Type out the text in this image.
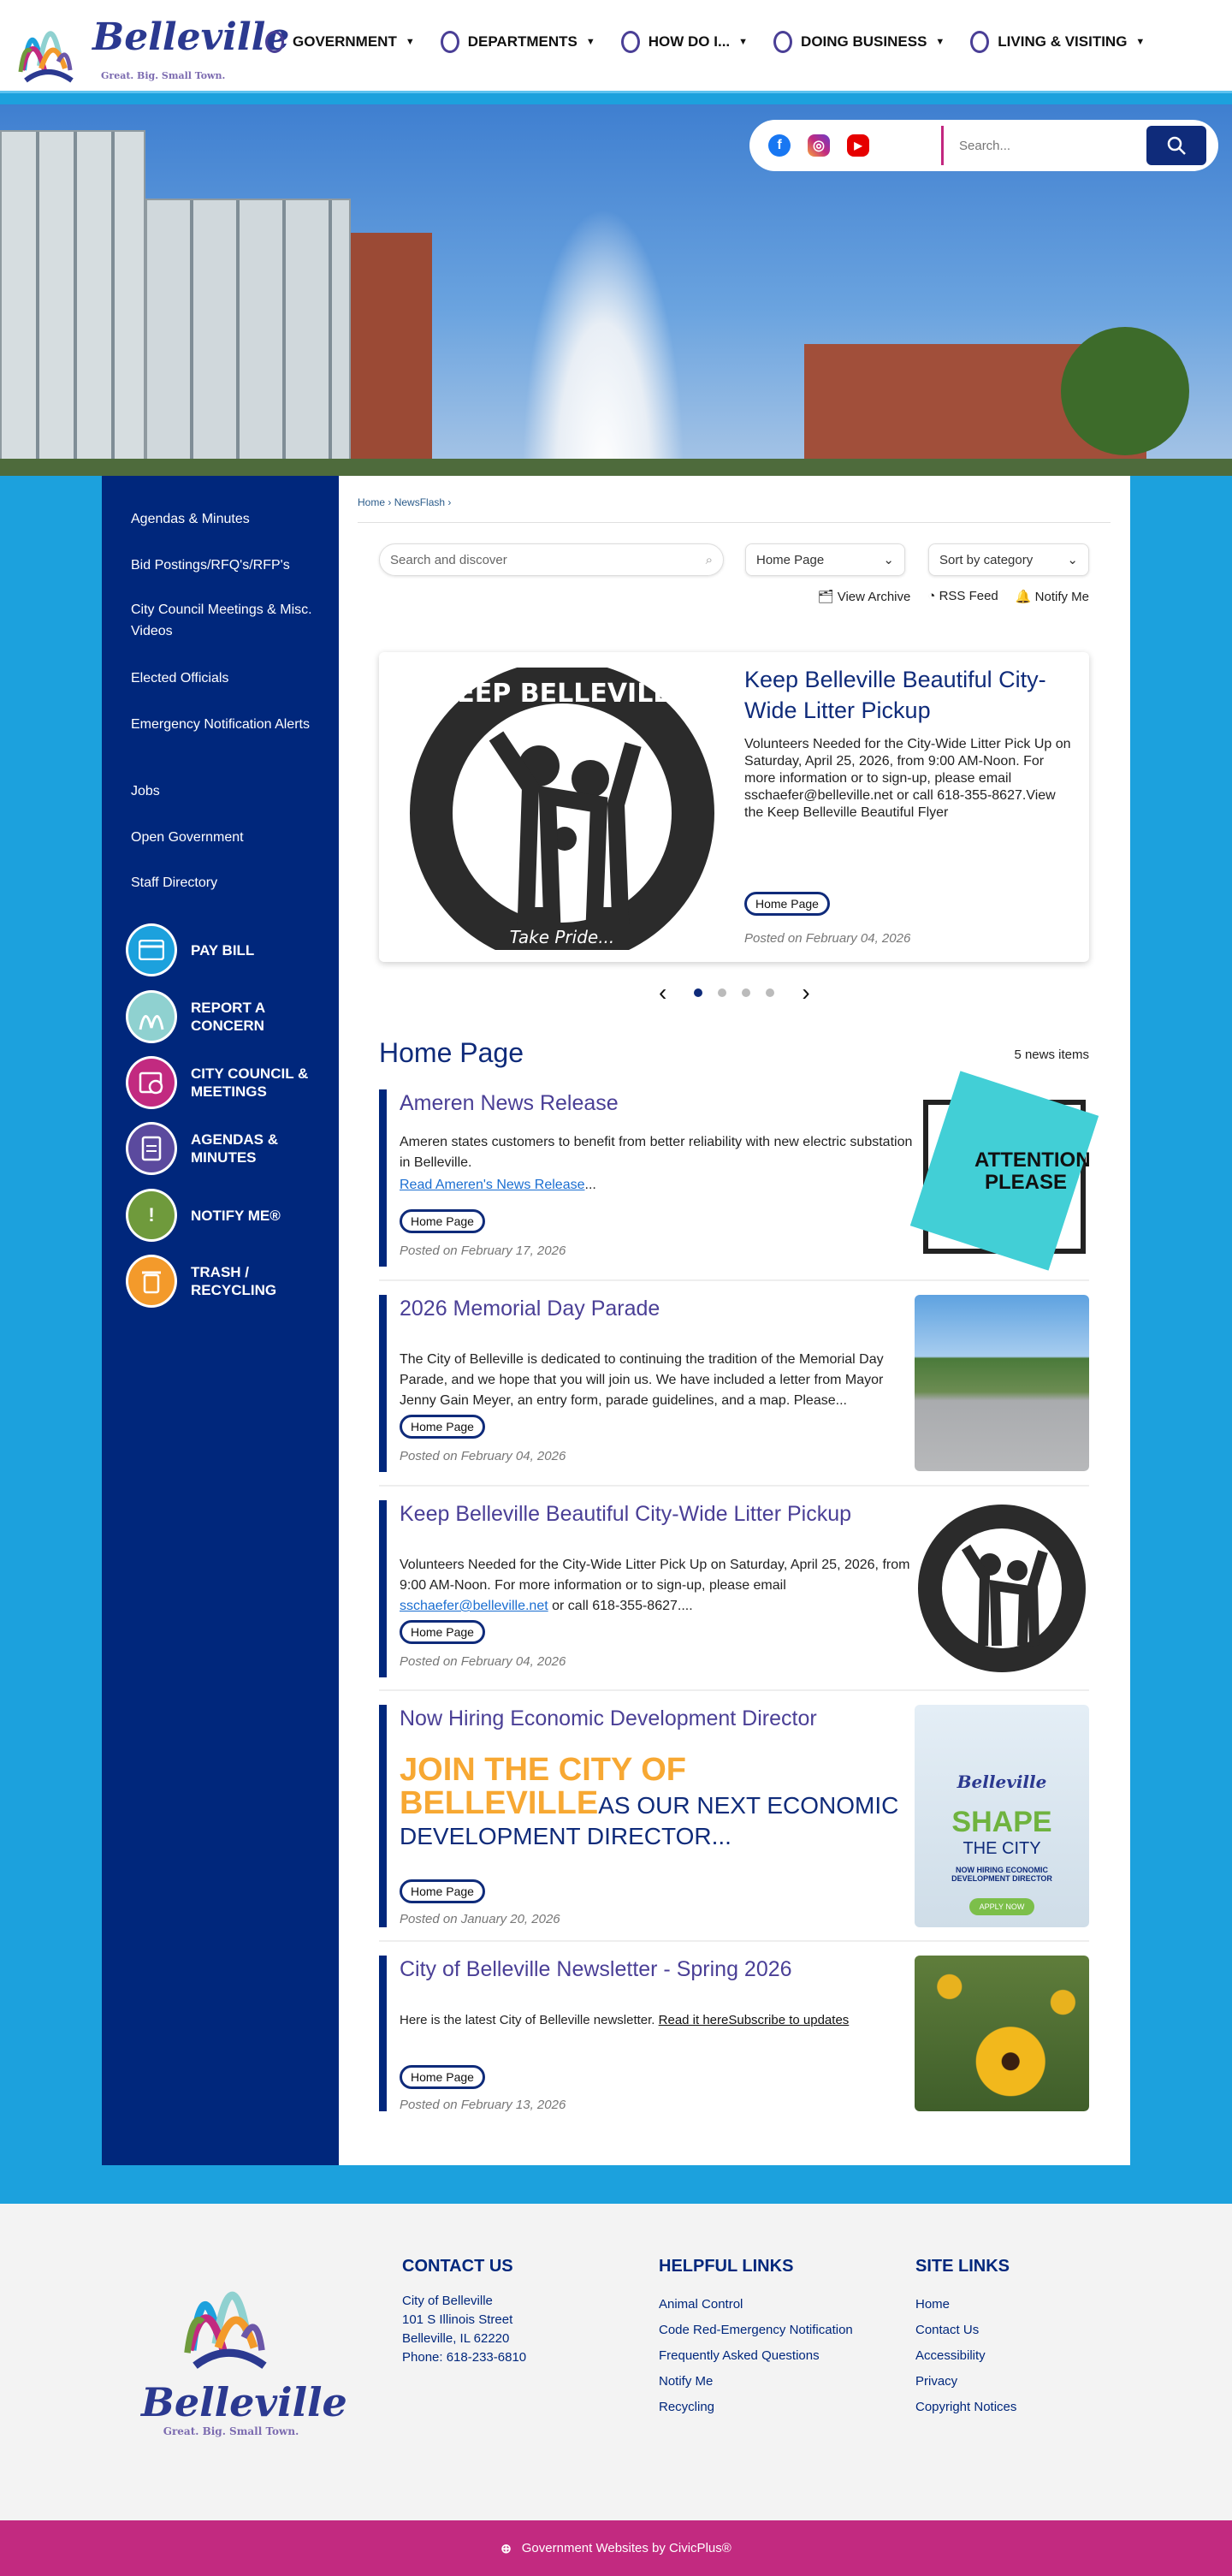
Belleville
Great. Big. Small Town.
GOVERNMENT ▼	DEPARTMENTS ▼	HOW DO I... ▼	DOING BUSINESS ▼	LIVING & VISITING ▼
f	◎	▶
Search...
Agendas & Minutes
Bid Postings/RFQ's/RFP's
City Council Meetings & Misc. Videos
Elected Officials
Emergency Notification Alerts
Jobs
Open Government
Staff Directory
PAY BILL
REPORT A CONCERN
CITY COUNCIL & MEETINGS
AGENDAS & MINUTES
!	NOTIFY ME®
TRASH / RECYCLING
Home › NewsFlash ›
Search and discover	⌕	Home Page	⌄	Sort by category	⌄
🗂 View Archive ◔ RSS Feed 🔔 Notify Me
KEEP BELLEVILLE
Take Pride...
Keep Belleville Beautiful City-Wide Litter Pickup
Volunteers Needed for the City-Wide Litter Pick Up on Saturday, April 25, 2026, from 9:00 AM-Noon. For more information or to sign-up, please email sschaefer@belleville.net or call 618-355-8627.View the Keep Belleville Beautiful Flyer
Home Page
Posted on February 04, 2026
‹	›
Home Page	5 news items
Ameren News Release
Ameren states customers to benefit from better reliability with new electric substation in Belleville.
Read Ameren's News Release...
Home Page
Posted on February 17, 2026
ATTENTION PLEASE
2026 Memorial Day Parade
The City of Belleville is dedicated to continuing the tradition of the Memorial Day Parade, and we hope that you will join us. We have included a letter from Mayor Jenny Gain Meyer, an entry form, parade guidelines, and a map. Please...
Home Page
Posted on February 04, 2026
Keep Belleville Beautiful City-Wide Litter Pickup
Volunteers Needed for the City-Wide Litter Pick Up on Saturday, April 25, 2026, from 9:00 AM-Noon. For more information or to sign-up, please email sschaefer@belleville.net or call 618-355-8627....
Home Page
Posted on February 04, 2026
Now Hiring Economic Development Director
JOIN THE CITY OF BELLEVILLEAS OUR NEXT ECONOMIC DEVELOPMENT DIRECTOR...
Home Page
Posted on January 20, 2026
Belleville
SHAPE
THE CITY
NOW HIRING ECONOMIC DEVELOPMENT DIRECTOR
APPLY NOW
City of Belleville Newsletter - Spring 2026
Here is the latest City of Belleville newsletter. Read it hereSubscribe to updates
Home Page
Posted on February 13, 2026
Belleville
Great. Big. Small Town.
CONTACT US
City of Belleville
101 S Illinois Street
Belleville, IL 62220
Phone: 618-233-6810
HELPFUL LINKS
Animal Control
Code Red-Emergency Notification
Frequently Asked Questions
Notify Me
Recycling
SITE LINKS
Home
Contact Us
Accessibility
Privacy
Copyright Notices
⊕ Government Websites by CivicPlus®
